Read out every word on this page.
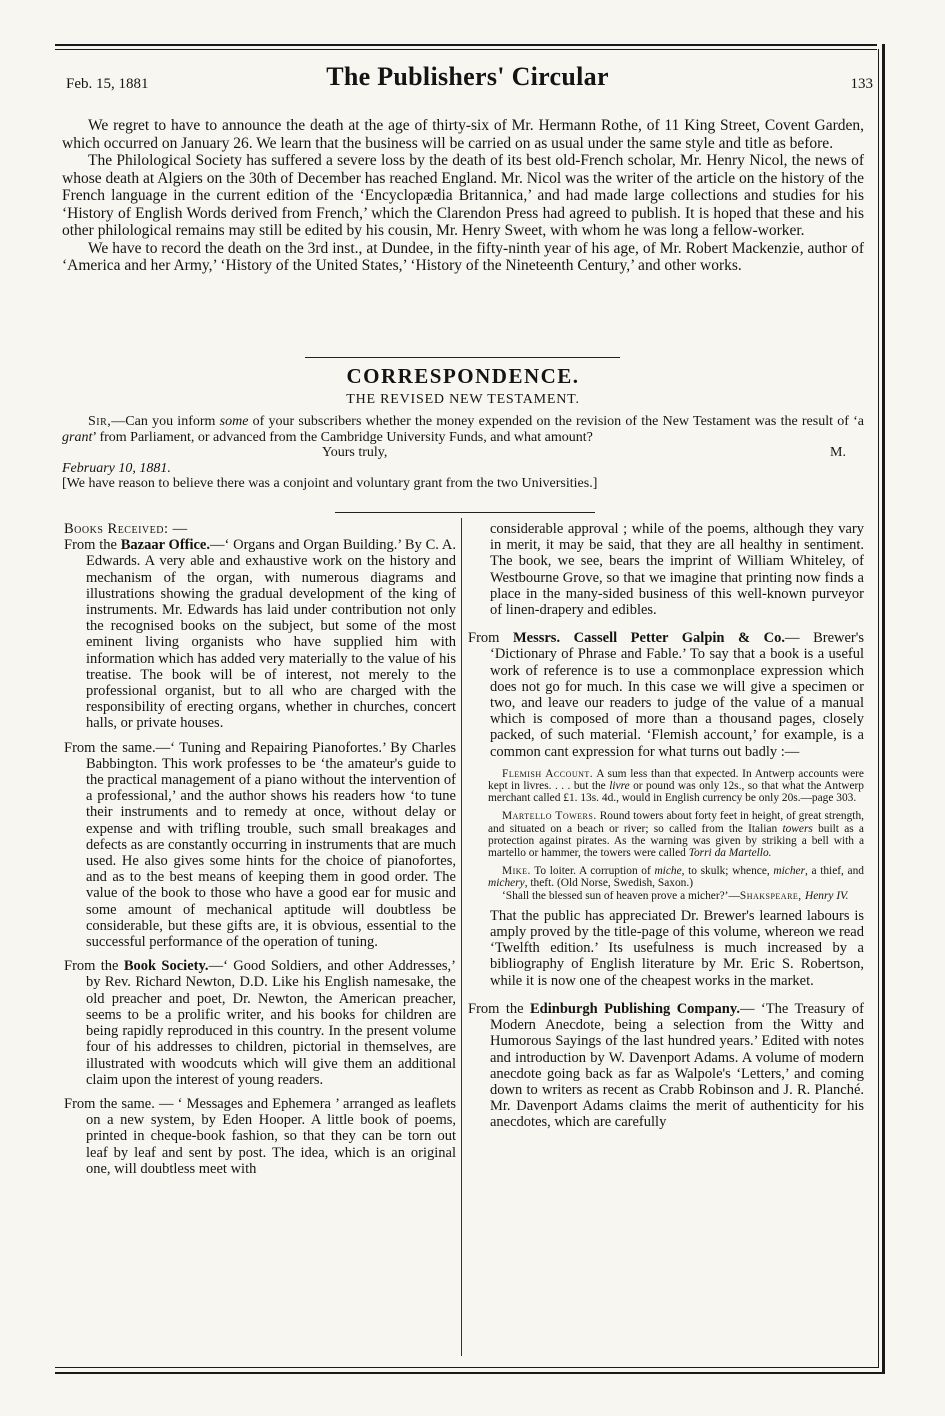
Feb. 15, 1881	The Publishers' Circular	133

We regret to have to announce the death at the age of thirty-six of Mr. Hermann Rothe, of 11 King Street, Covent Garden, which occurred on January 26. We learn that the business will be carried on as usual under the same style and title as before.

The Philological Society has suffered a severe loss by the death of its best old-French scholar, Mr. Henry Nicol, the news of whose death at Algiers on the 30th of December has reached England. Mr. Nicol was the writer of the article on the history of the French language in the current edition of the ‘Encyclopædia Britannica,’ and had made large collections and studies for his ‘History of English Words derived from French,’ which the Clarendon Press had agreed to publish. It is hoped that these and his other philological remains may still be edited by his cousin, Mr. Henry Sweet, with whom he was long a fellow-worker.

We have to record the death on the 3rd inst., at Dundee, in the fifty-ninth year of his age, of Mr. Robert Mackenzie, author of ‘America and her Army,’ ‘History of the United States,’ ‘History of the Nineteenth Century,’ and other works.

CORRESPONDENCE.
THE REVISED NEW TESTAMENT.

Sir,—Can you inform some of your subscribers whether the money expended on the revision of the New Testament was the result of ‘a grant’ from Parliament, or advanced from the Cambridge University Funds, and what amount?

Yours truly,	M.

February 10, 1881.

[We have reason to believe there was a conjoint and voluntary grant from the two Universities.]

Books Received: —

From the Bazaar Office.—‘ Organs and Organ Building.’ By C. A. Edwards. A very able and exhaustive work on the history and mechanism of the organ, with numerous diagrams and illustrations showing the gradual development of the king of instruments. Mr. Edwards has laid under contribution not only the recognised books on the subject, but some of the most eminent living organists who have supplied him with information which has added very materially to the value of his treatise. The book will be of interest, not merely to the professional organist, but to all who are charged with the responsibility of erecting organs, whether in churches, concert halls, or private houses.

From the same.—‘ Tuning and Repairing Pianofortes.’ By Charles Babbington. This work professes to be ‘the amateur's guide to the practical management of a piano without the intervention of a professional,’ and the author shows his readers how ‘to tune their instruments and to remedy at once, without delay or expense and with trifling trouble, such small breakages and defects as are constantly occurring in instruments that are much used. He also gives some hints for the choice of pianofortes, and as to the best means of keeping them in good order. The value of the book to those who have a good ear for music and some amount of mechanical aptitude will doubtless be considerable, but these gifts are, it is obvious, essential to the successful performance of the operation of tuning.

From the Book Society.—‘ Good Soldiers, and other Addresses,’ by Rev. Richard Newton, D.D. Like his English namesake, the old preacher and poet, Dr. Newton, the American preacher, seems to be a prolific writer, and his books for children are being rapidly reproduced in this country. In the present volume four of his addresses to children, pictorial in themselves, are illustrated with woodcuts which will give them an additional claim upon the interest of young readers.

From the same. — ‘ Messages and Ephemera ’ arranged as leaflets on a new system, by Eden Hooper. A little book of poems, printed in cheque-book fashion, so that they can be torn out leaf by leaf and sent by post. The idea, which is an original one, will doubtless meet with

considerable approval ; while of the poems, although they vary in merit, it may be said, that they are all healthy in sentiment. The book, we see, bears the imprint of William Whiteley, of Westbourne Grove, so that we imagine that printing now finds a place in the many-sided business of this well-known purveyor of linen-drapery and edibles.

From Messrs. Cassell Petter Galpin & Co.— Brewer's ‘Dictionary of Phrase and Fable.’ To say that a book is a useful work of reference is to use a commonplace expression which does not go for much. In this case we will give a specimen or two, and leave our readers to judge of the value of a manual which is composed of more than a thousand pages, closely packed, of such material. ‘Flemish account,’ for example, is a common cant expression for what turns out badly :—

Flemish Account. A sum less than that expected. In Antwerp accounts were kept in livres. . . . but the livre or pound was only 12s., so that what the Antwerp merchant called £1. 13s. 4d., would in English currency be only 20s.—page 303.
Martello Towers. Round towers about forty feet in height, of great strength, and situated on a beach or river; so called from the Italian towers built as a protection against pirates. As the warning was given by striking a bell with a martello or hammer, the towers were called Torri da Martello.
Mike. To loiter. A corruption of miche, to skulk; whence, micher, a thief, and michery, theft. (Old Norse, Swedish, Saxon.)
‘Shall the blessed sun of heaven prove a micher?’—Shakspeare, Henry IV.

That the public has appreciated Dr. Brewer's learned labours is amply proved by the title-page of this volume, whereon we read ‘Twelfth edition.’ Its usefulness is much increased by a bibliography of English literature by Mr. Eric S. Robertson, while it is now one of the cheapest works in the market.

From the Edinburgh Publishing Company.— ‘The Treasury of Modern Anecdote, being a selection from the Witty and Humorous Sayings of the last hundred years.’ Edited with notes and introduction by W. Davenport Adams. A volume of modern anecdote going back as far as Walpole's ‘Letters,’ and coming down to writers as recent as Crabb Robinson and J. R. Planché. Mr. Davenport Adams claims the merit of authenticity for his anecdotes, which are carefully
